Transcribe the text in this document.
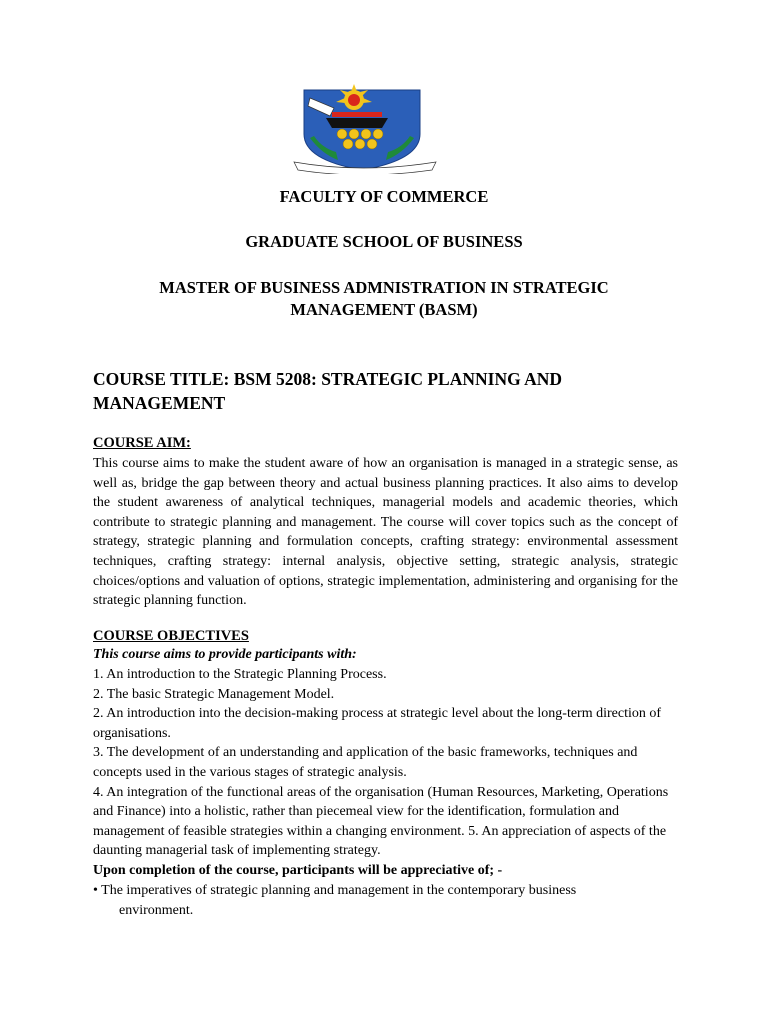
FACULTY OF COMMERCE
GRADUATE SCHOOL OF BUSINESS
MASTER OF BUSINESS ADMNISTRATION IN STRATEGIC
MANAGEMENT (BASM)
COURSE TITLE: BSM 5208: STRATEGIC PLANNING AND MANAGEMENT
COURSE AIM:
This course aims to make the student aware of how an organisation is managed in a strategic sense, as well as, bridge the gap between theory and actual business planning practices. It also aims to develop the student awareness of analytical techniques, managerial models and academic theories, which contribute to strategic planning and management. The course will cover topics such as the concept of strategy, strategic planning and formulation concepts, crafting strategy: environmental assessment techniques, crafting strategy: internal analysis, objective setting, strategic analysis, strategic choices/options and valuation of options, strategic implementation, administering and organising for the strategic planning function.
COURSE OBJECTIVES
This course aims to provide participants with:

1. An introduction to the Strategic Planning Process.

2. The basic Strategic Management Model.

2. An introduction into the decision-making process at strategic level about the long-term direction of organisations.

3. The development of an understanding and application of the basic frameworks, techniques and concepts used in the various stages of strategic analysis.

4. An integration of the functional areas of the organisation (Human Resources, Marketing, Operations and Finance) into a holistic, rather than piecemeal view for the identification, formulation and management of feasible strategies within a changing environment. 5. An appreciation of aspects of the daunting managerial task of implementing strategy.

Upon completion of the course, participants will be appreciative of; -
• The imperatives of strategic planning and management in the contemporary business
environment.
